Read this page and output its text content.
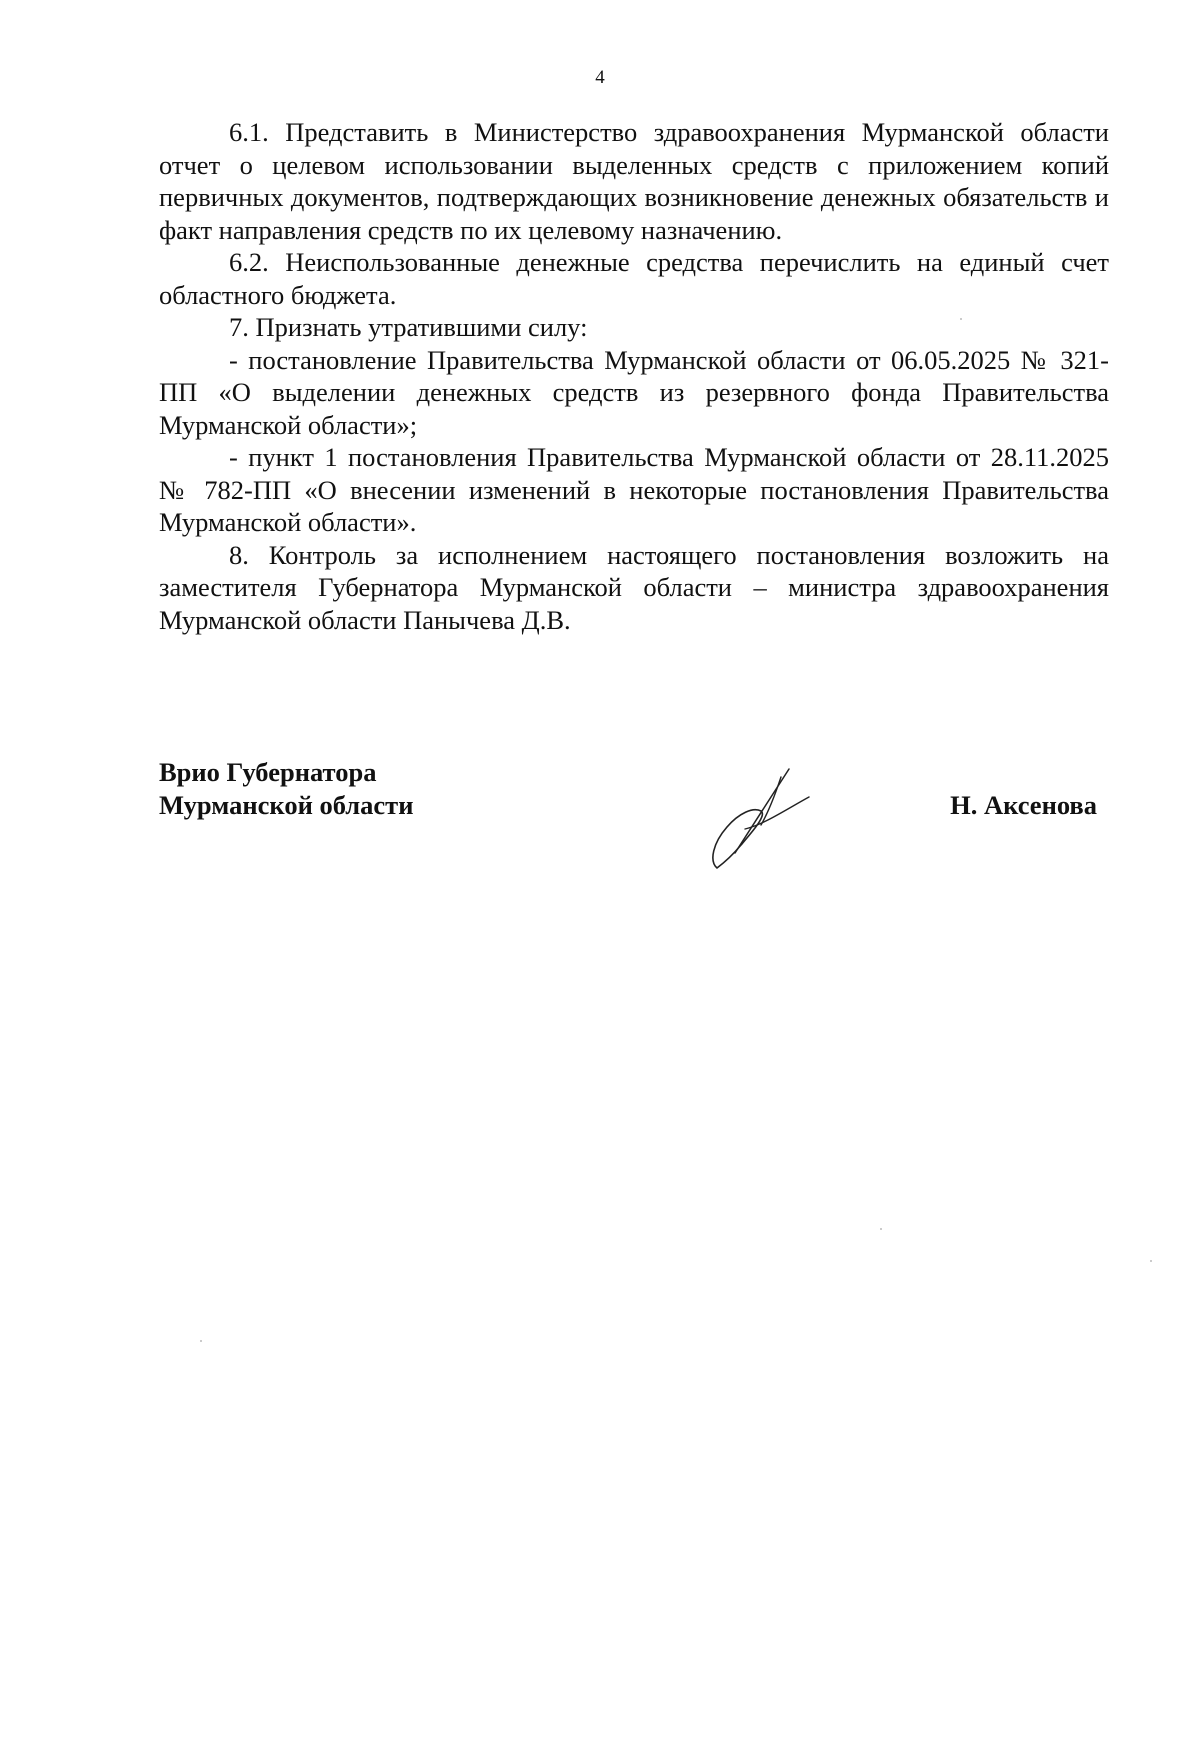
4

6.1. Представить в Министерство здравоохранения Мурманской области отчет о целевом использовании выделенных средств с приложением копий первичных документов, подтверждающих возникновение денежных обязательств и факт направления средств по их целевому назначению.

6.2. Неиспользованные денежные средства перечислить на единый счет областного бюджета.

7. Признать утратившими силу:

- постановление Правительства Мурманской области от 06.05.2025 № 321-ПП «О выделении денежных средств из резервного фонда Правительства Мурманской области»;

- пункт 1 постановления Правительства Мурманской области от 28.11.2025 № 782-ПП «О внесении изменений в некоторые постановления Правительства Мурманской области».

8. Контроль за исполнением настоящего постановления возложить на заместителя Губернатора Мурманской области – министра здравоохранения Мурманской области Панычева Д.В.

Врио Губернатора
Мурманской области	Н. Аксенова
